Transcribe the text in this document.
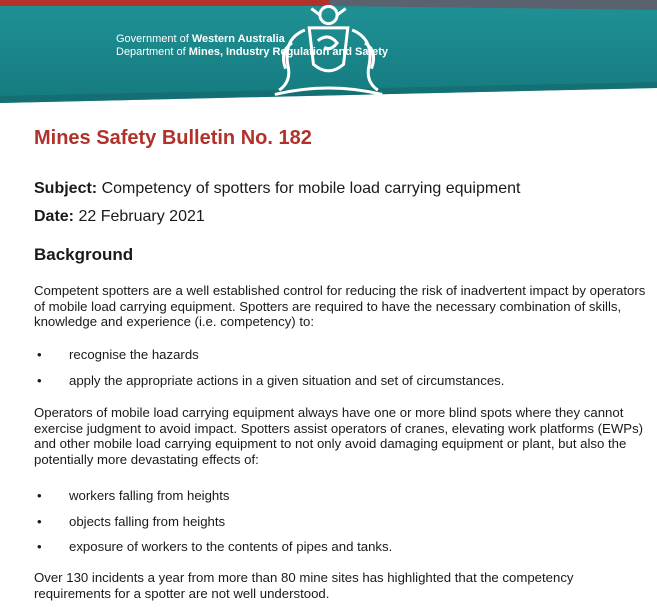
Government of Western Australia
Department of Mines, Industry Regulation and Safety
Mines Safety Bulletin No. 182

Subject: Competency of spotters for mobile load carrying equipment

Date: 22 February 2021

Background

Competent spotters are a well established control for reducing the risk of inadvertent impact by operators of mobile load carrying equipment. Spotters are required to have the necessary combination of skills, knowledge and experience (i.e. competency) to:

• recognise the hazards
• apply the appropriate actions in a given situation and set of circumstances.

Operators of mobile load carrying equipment always have one or more blind spots where they cannot exercise judgment to avoid impact. Spotters assist operators of cranes, elevating work platforms (EWPs) and other mobile load carrying equipment to not only avoid damaging equipment or plant, but also the potentially more devastating effects of:

• workers falling from heights
• objects falling from heights
• exposure of workers to the contents of pipes and tanks.

Over 130 incidents a year from more than 80 mine sites has highlighted that the competency requirements for a spotter are not well understood.
